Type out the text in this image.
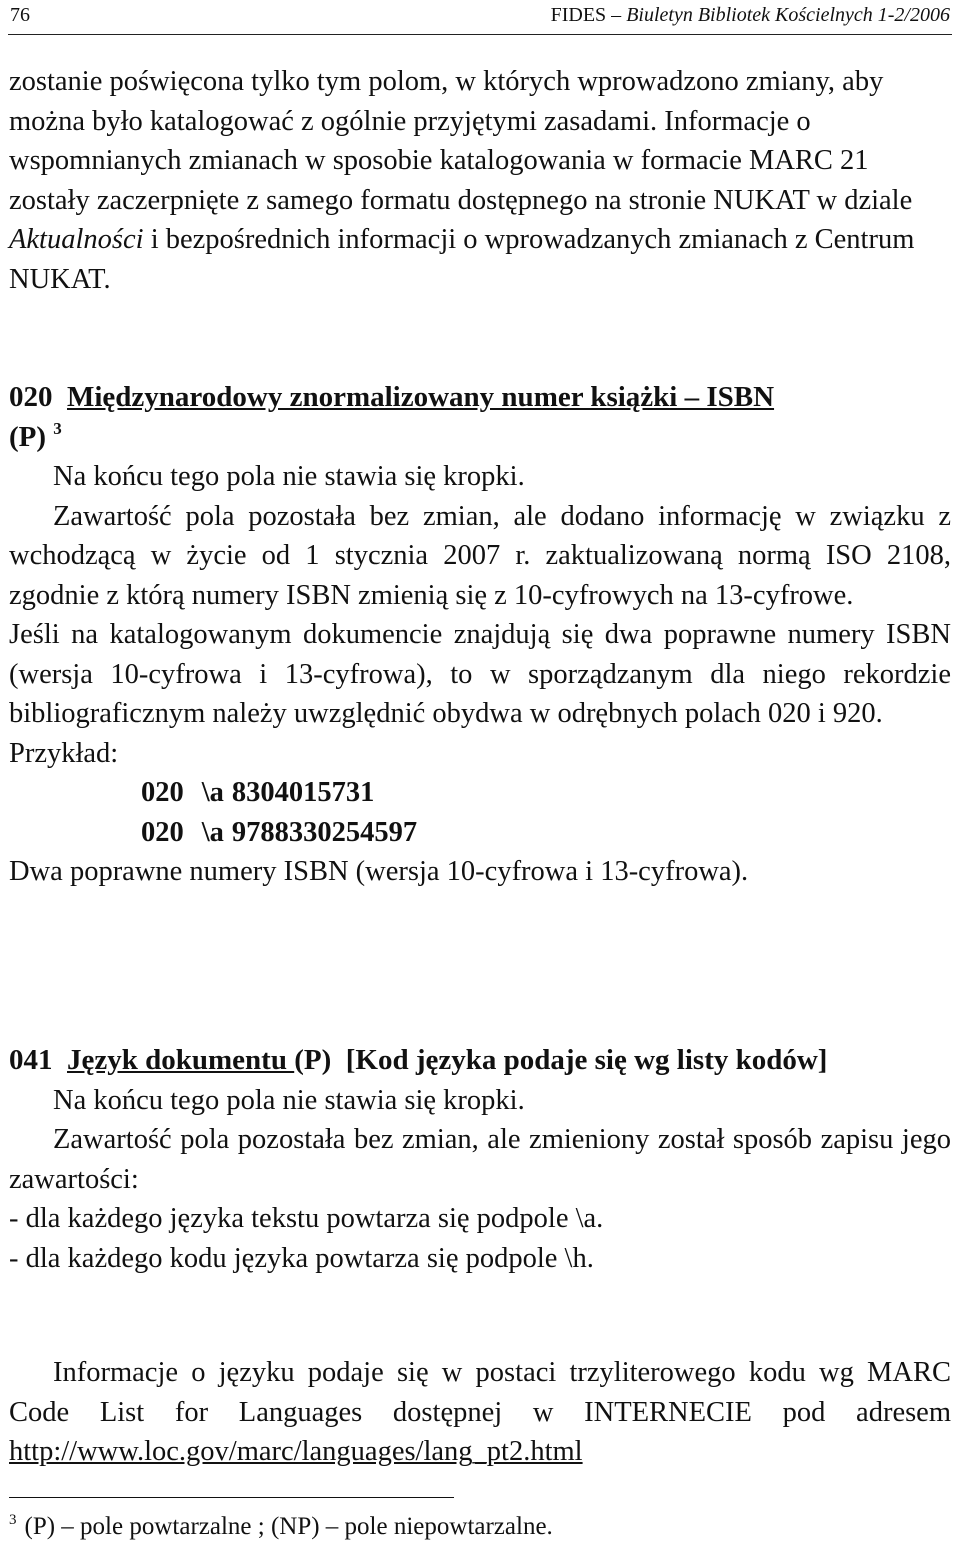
76	FIDES – Biuletyn Bibliotek Kościelnych 1-2/2006

zostanie poświęcona tylko tym polom, w których wprowadzono zmiany, aby można było katalogować z ogólnie przyjętymi zasadami. Informacje o wspomnianych zmianach w sposobie katalogowania w formacie MARC 21 zostały zaczerpnięte z samego formatu dostępnego na stronie NUKAT w dziale Aktualności i bezpośrednich informacji o wprowadzanych zmianach z Centrum NUKAT.

020 Międzynarodowy znormalizowany numer książki – ISBN
(P) $^3$

Na końcu tego pola nie stawia się kropki.

Zawartość pola pozostała bez zmian, ale dodano informację w związku z wchodzącą w życie od 1 stycznia 2007 r. zaktualizowaną normą ISO 2108, zgodnie z którą numery ISBN zmienią się z 10-cyfrowych na 13-cyfrowe.

Jeśli na katalogowanym dokumencie znajdują się dwa poprawne numery ISBN (wersja 10-cyfrowa i 13-cyfrowa), to w sporządzanym dla niego rekordzie bibliograficznym należy uwzględnić obydwa w odrębnych polach 020 i 920.

Przykład:

020 \a 8304015731

020 \a 9788330254597

Dwa poprawne numery ISBN (wersja 10-cyfrowa i 13-cyfrowa).

041 Język dokumentu (P) [Kod języka podaje się wg listy kodów]

Na końcu tego pola nie stawia się kropki.

Zawartość pola pozostała bez zmian, ale zmieniony został sposób zapisu jego zawartości:

- dla każdego języka tekstu powtarza się podpole \a.

- dla każdego kodu języka powtarza się podpole \h.

Informacje o języku podaje się w postaci trzyliterowego kodu wg MARC Code List for Languages dostępnej w INTERNECIE pod adresem http://www.loc.gov/marc/languages/lang_pt2.html

$^3$ (P) – pole powtarzalne ; (NP) – pole niepowtarzalne.
